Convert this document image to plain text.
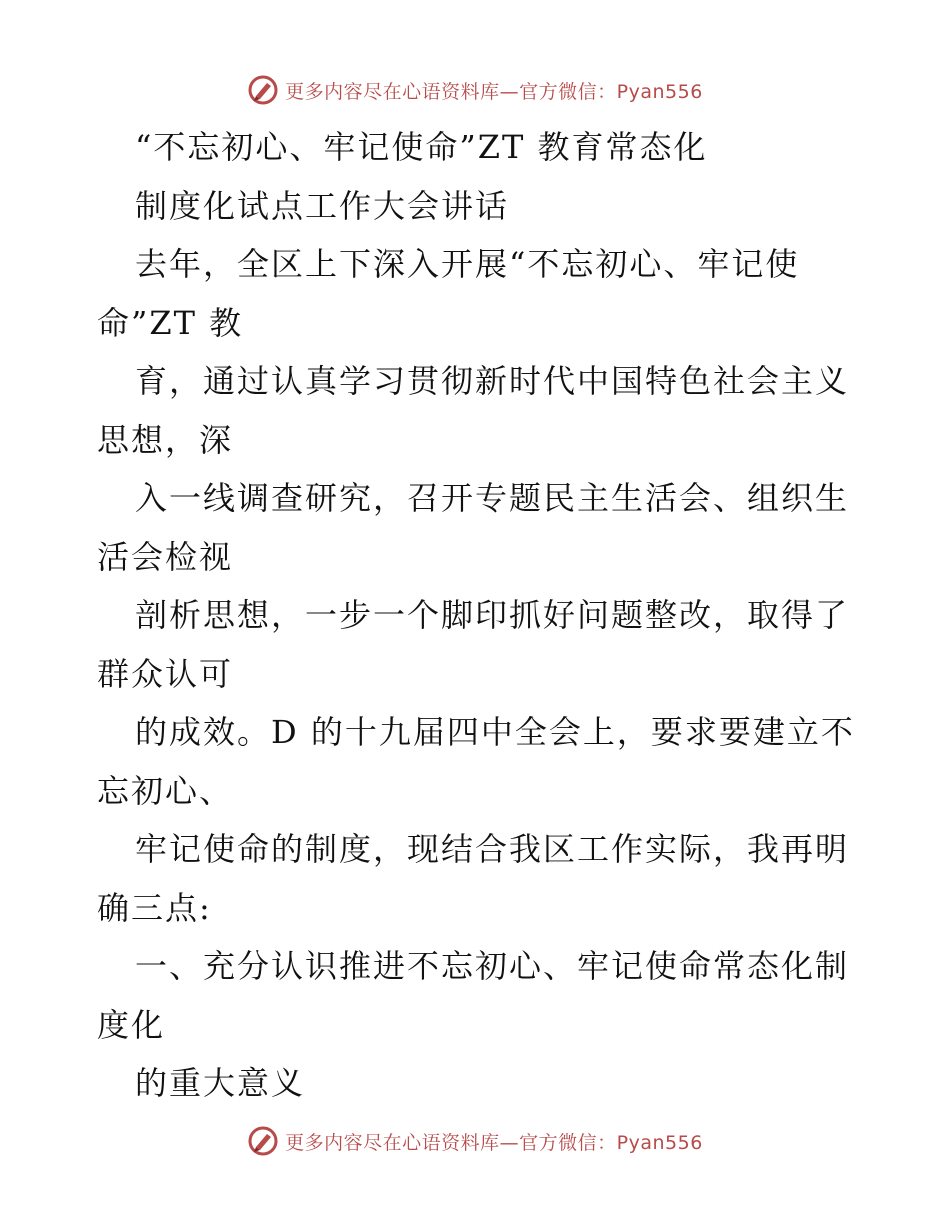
更多内容尽在心语资料库—官方微信：Pyan556
“不忘初心、牢记使命”ZT 教育常态化
制度化试点工作大会讲话
去年，全区上下深入开展“不忘初心、牢记使
命”ZT 教
育，通过认真学习贯彻新时代中国特色社会主义
思想，深
入一线调查研究，召开专题民主生活会、组织生
活会检视
剖析思想，一步一个脚印抓好问题整改，取得了
群众认可
的成效。D 的十九届四中全会上，要求要建立不
忘初心、
牢记使命的制度，现结合我区工作实际，我再明
确三点:
一、充分认识推进不忘初心、牢记使命常态化制
度化
的重大意义
更多内容尽在心语资料库—官方微信：Pyan556
